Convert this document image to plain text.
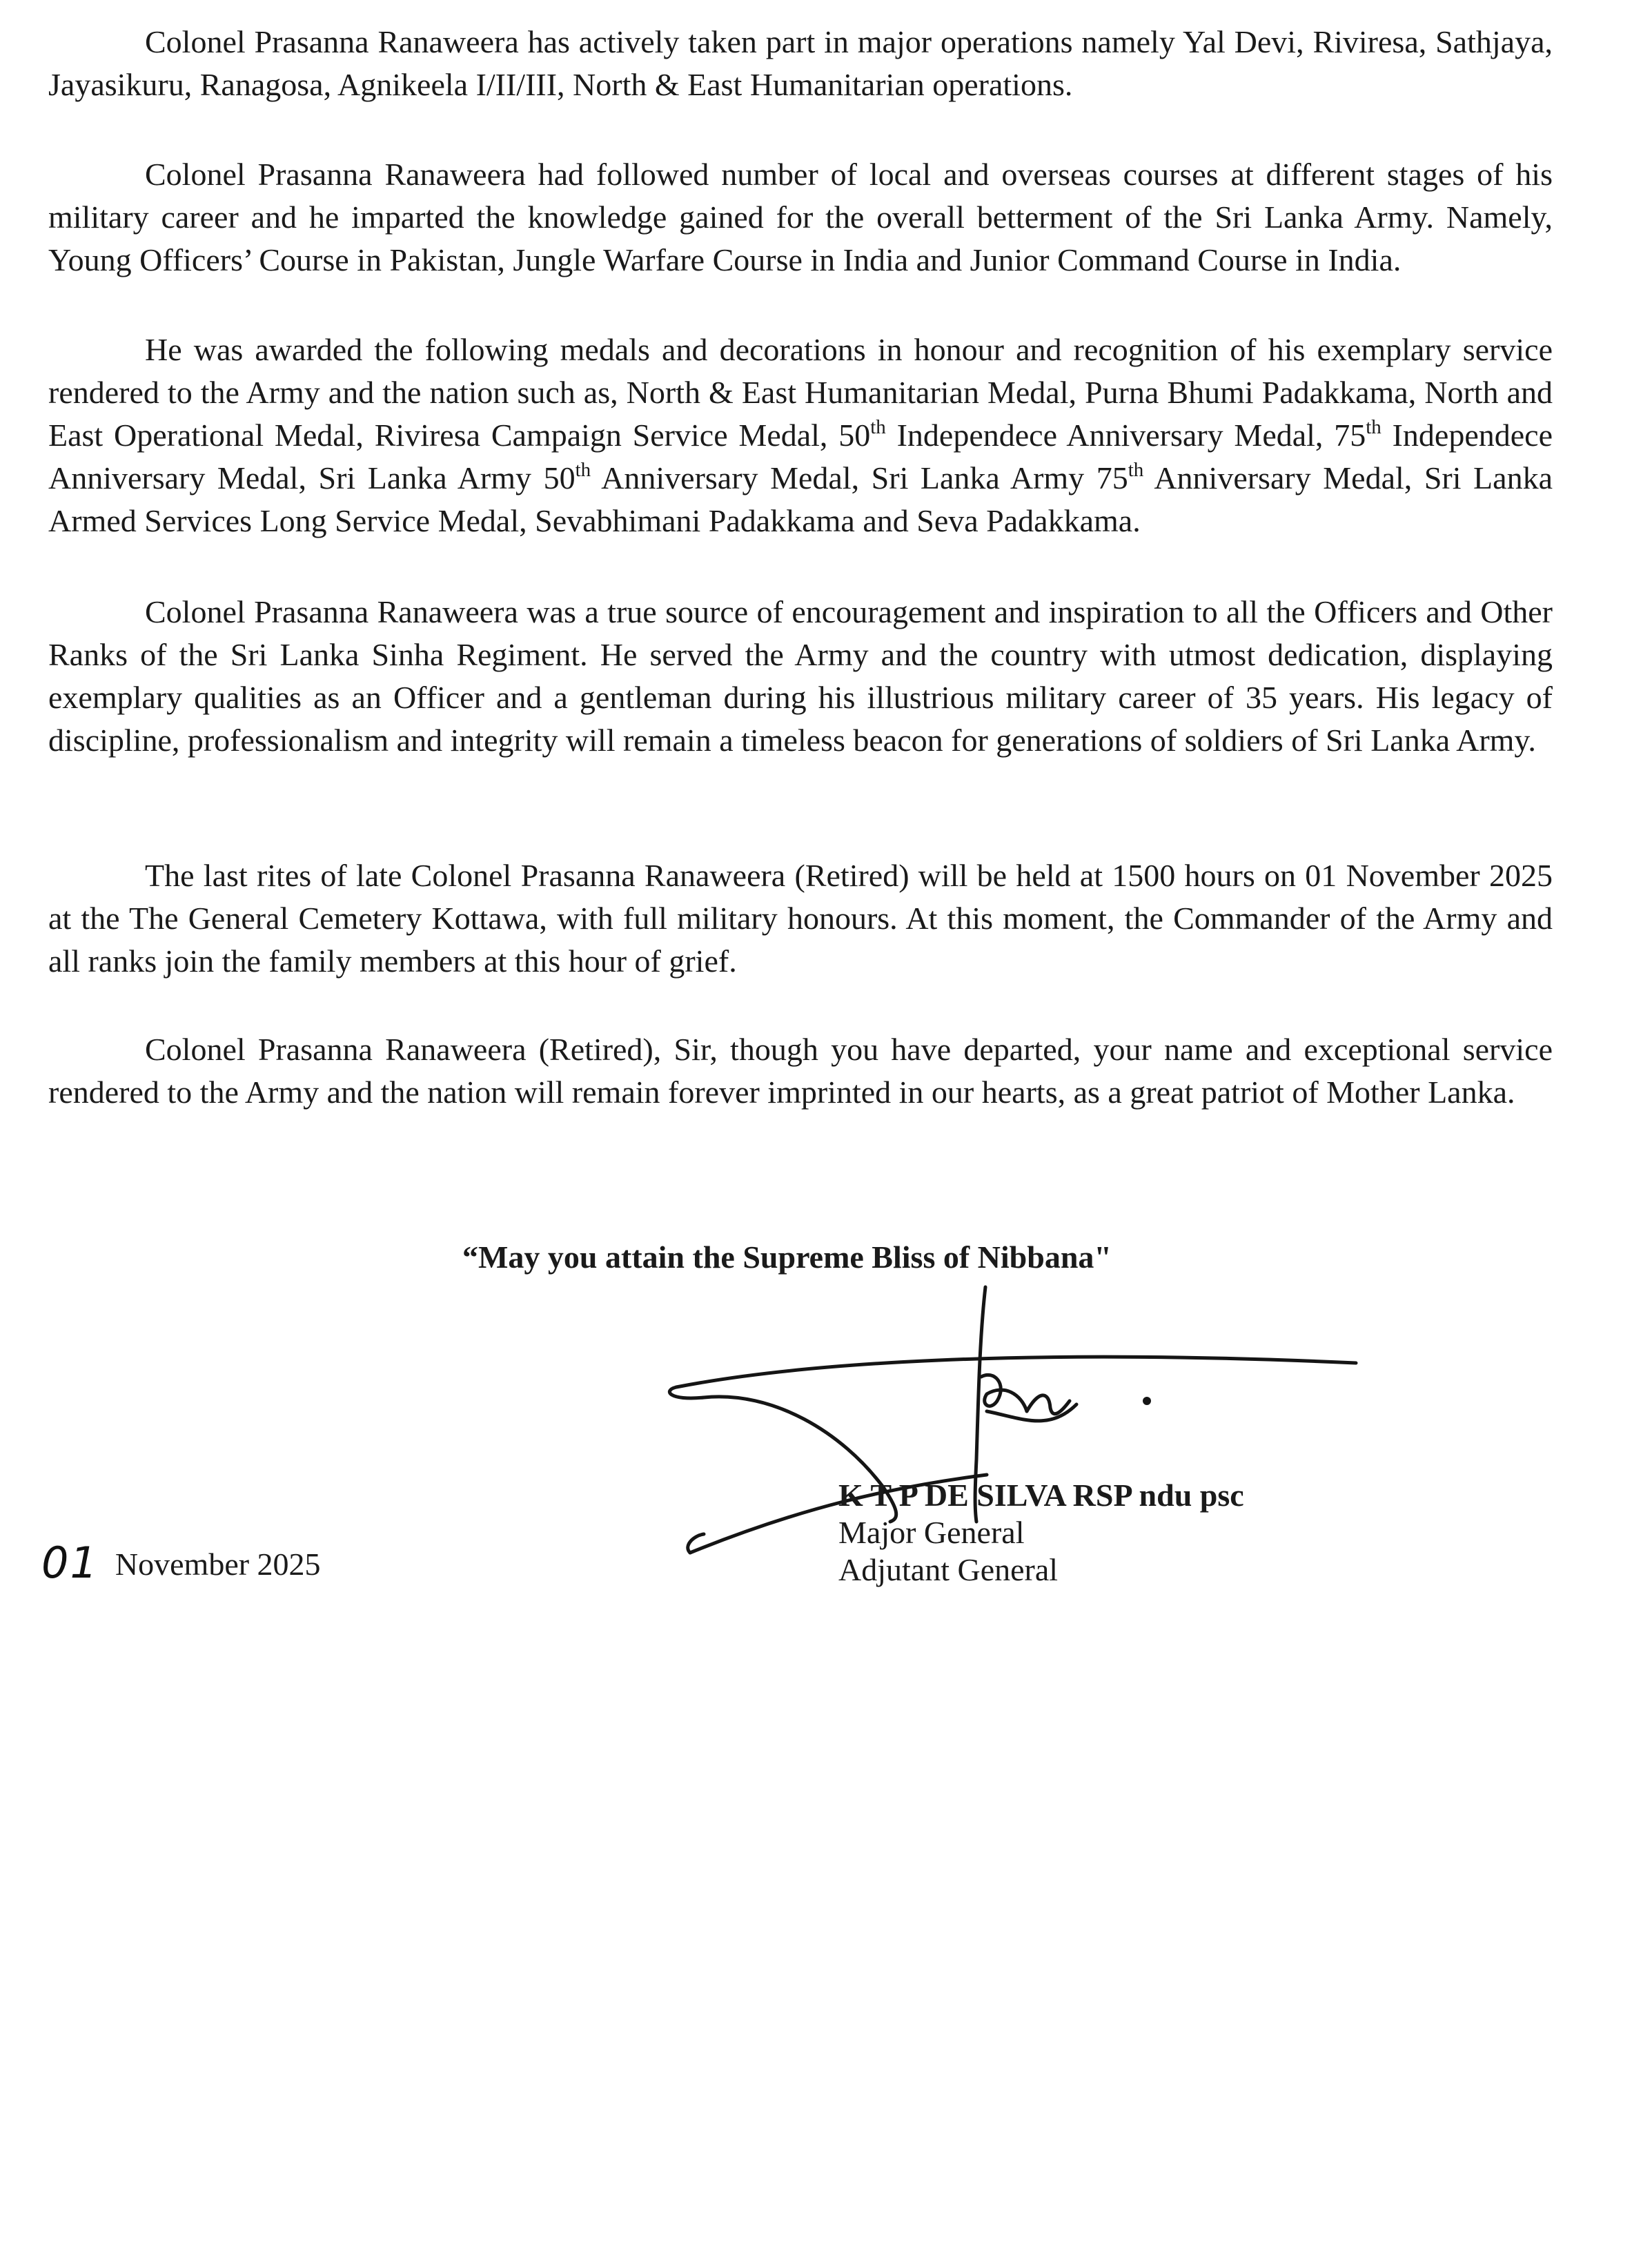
Colonel Prasanna Ranaweera has actively taken part in major operations namely Yal Devi, Riviresa, Sathjaya, Jayasikuru, Ranagosa, Agnikeela I/II/III, North & East Humanitarian operations.

Colonel Prasanna Ranaweera had followed number of local and overseas courses at different stages of his military career and he imparted the knowledge gained for the overall betterment of the Sri Lanka Army. Namely, Young Officers’ Course in Pakistan, Jungle Warfare Course in India and Junior Command Course in India.

He was awarded the following medals and decorations in honour and recognition of his exemplary service rendered to the Army and the nation such as, North & East Humanitarian Medal, Purna Bhumi Padakkama, North and East Operational Medal, Riviresa Campaign Service Medal, 50th Independece Anniversary Medal, 75th Independece Anniversary Medal, Sri Lanka Army 50th Anniversary Medal, Sri Lanka Army 75th Anniversary Medal, Sri Lanka Armed Services Long Service Medal, Sevabhimani Padakkama and Seva Padakkama.

Colonel Prasanna Ranaweera was a true source of encouragement and inspiration to all the Officers and Other Ranks of the Sri Lanka Sinha Regiment. He served the Army and the country with utmost dedication, displaying exemplary qualities as an Officer and a gentleman during his illustrious military career of 35 years. His legacy of discipline, professionalism and integrity will remain a timeless beacon for generations of soldiers of Sri Lanka Army.

The last rites of late Colonel Prasanna Ranaweera (Retired) will be held at 1500 hours on 01 November 2025 at the The General Cemetery Kottawa, with full military honours. At this moment, the Commander of the Army and all ranks join the family members at this hour of grief.

Colonel Prasanna Ranaweera (Retired), Sir, though you have departed, your name and exceptional service rendered to the Army and the nation will remain forever imprinted in our hearts, as a great patriot of Mother Lanka.

“May you attain the Supreme Bliss of Nibbana"

K T P DE SILVA RSP ndu psc
Major General
Adjutant General
01 November 2025
